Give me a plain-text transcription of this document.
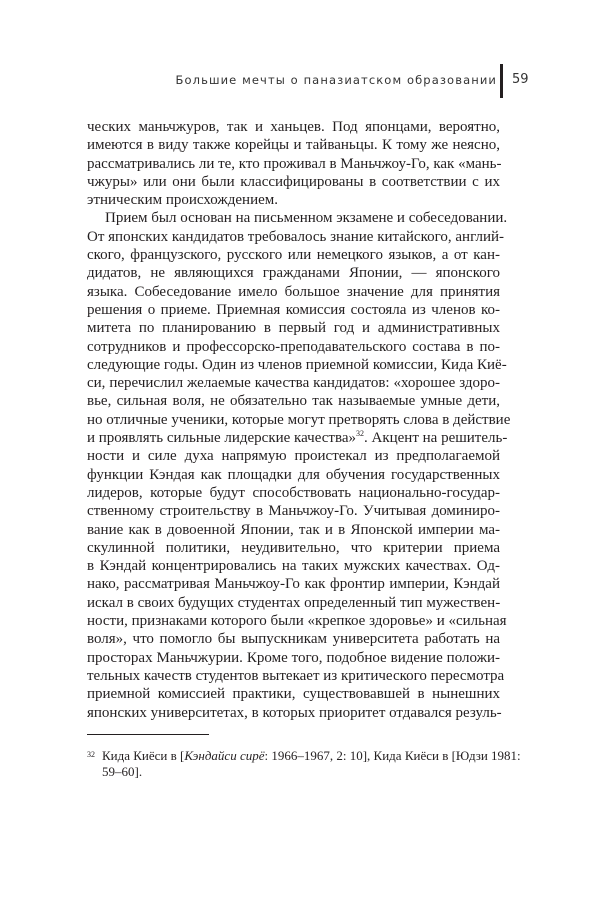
Большие мечты о паназиатском образовании 59
ческих маньчжуров, так и ханьцев. Под японцами, вероятно,
имеются в виду также корейцы и тайваньцы. К тому же неясно,
рассматривались ли те, кто проживал в Маньчжоу-Го, как «мань-
чжуры» или они были классифицированы в соответствии с их
этническим происхождением.
Прием был основан на письменном экзамене и собеседовании.
От японских кандидатов требовалось знание китайского, англий-
ского, французского, русского или немецкого языков, а от кан-
дидатов, не являющихся гражданами Японии, — японского
языка. Собеседование имело большое значение для принятия
решения о приеме. Приемная комиссия состояла из членов ко-
митета по планированию в первый год и административных
сотрудников и профессорско-преподавательского состава в по-
следующие годы. Один из членов приемной комиссии, Кида Киё-
си, перечислил желаемые качества кандидатов: «хорошее здоро-
вье, сильная воля, не обязательно так называемые умные дети,
но отличные ученики, которые могут претворять слова в действие
и проявлять сильные лидерские качества»$^{32}$. Акцент на решитель-
ности и силе духа напрямую проистекал из предполагаемой
функции Кэндая как площадки для обучения государственных
лидеров, которые будут способствовать национально-государ-
ственному строительству в Маньчжоу-Го. Учитывая доминиро-
вание как в довоенной Японии, так и в Японской империи ма-
скулинной политики, неудивительно, что критерии приема
в Кэндай концентрировались на таких мужских качествах. Од-
нако, рассматривая Маньчжоу-Го как фронтир империи, Кэндай
искал в своих будущих студентах определенный тип мужествен-
ности, признаками которого были «крепкое здоровье» и «сильная
воля», что помогло бы выпускникам университета работать на
просторах Маньчжурии. Кроме того, подобное видение положи-
тельных качеств студентов вытекает из критического пересмотра
приемной комиссией практики, существовавшей в нынешних
японских университетах, в которых приоритет отдавался резуль-
32 Кида Киёси в [Кэндайси сирё: 1966–1967, 2: 10], Кида Киёси в [Юдзи 1981:
59–60].
